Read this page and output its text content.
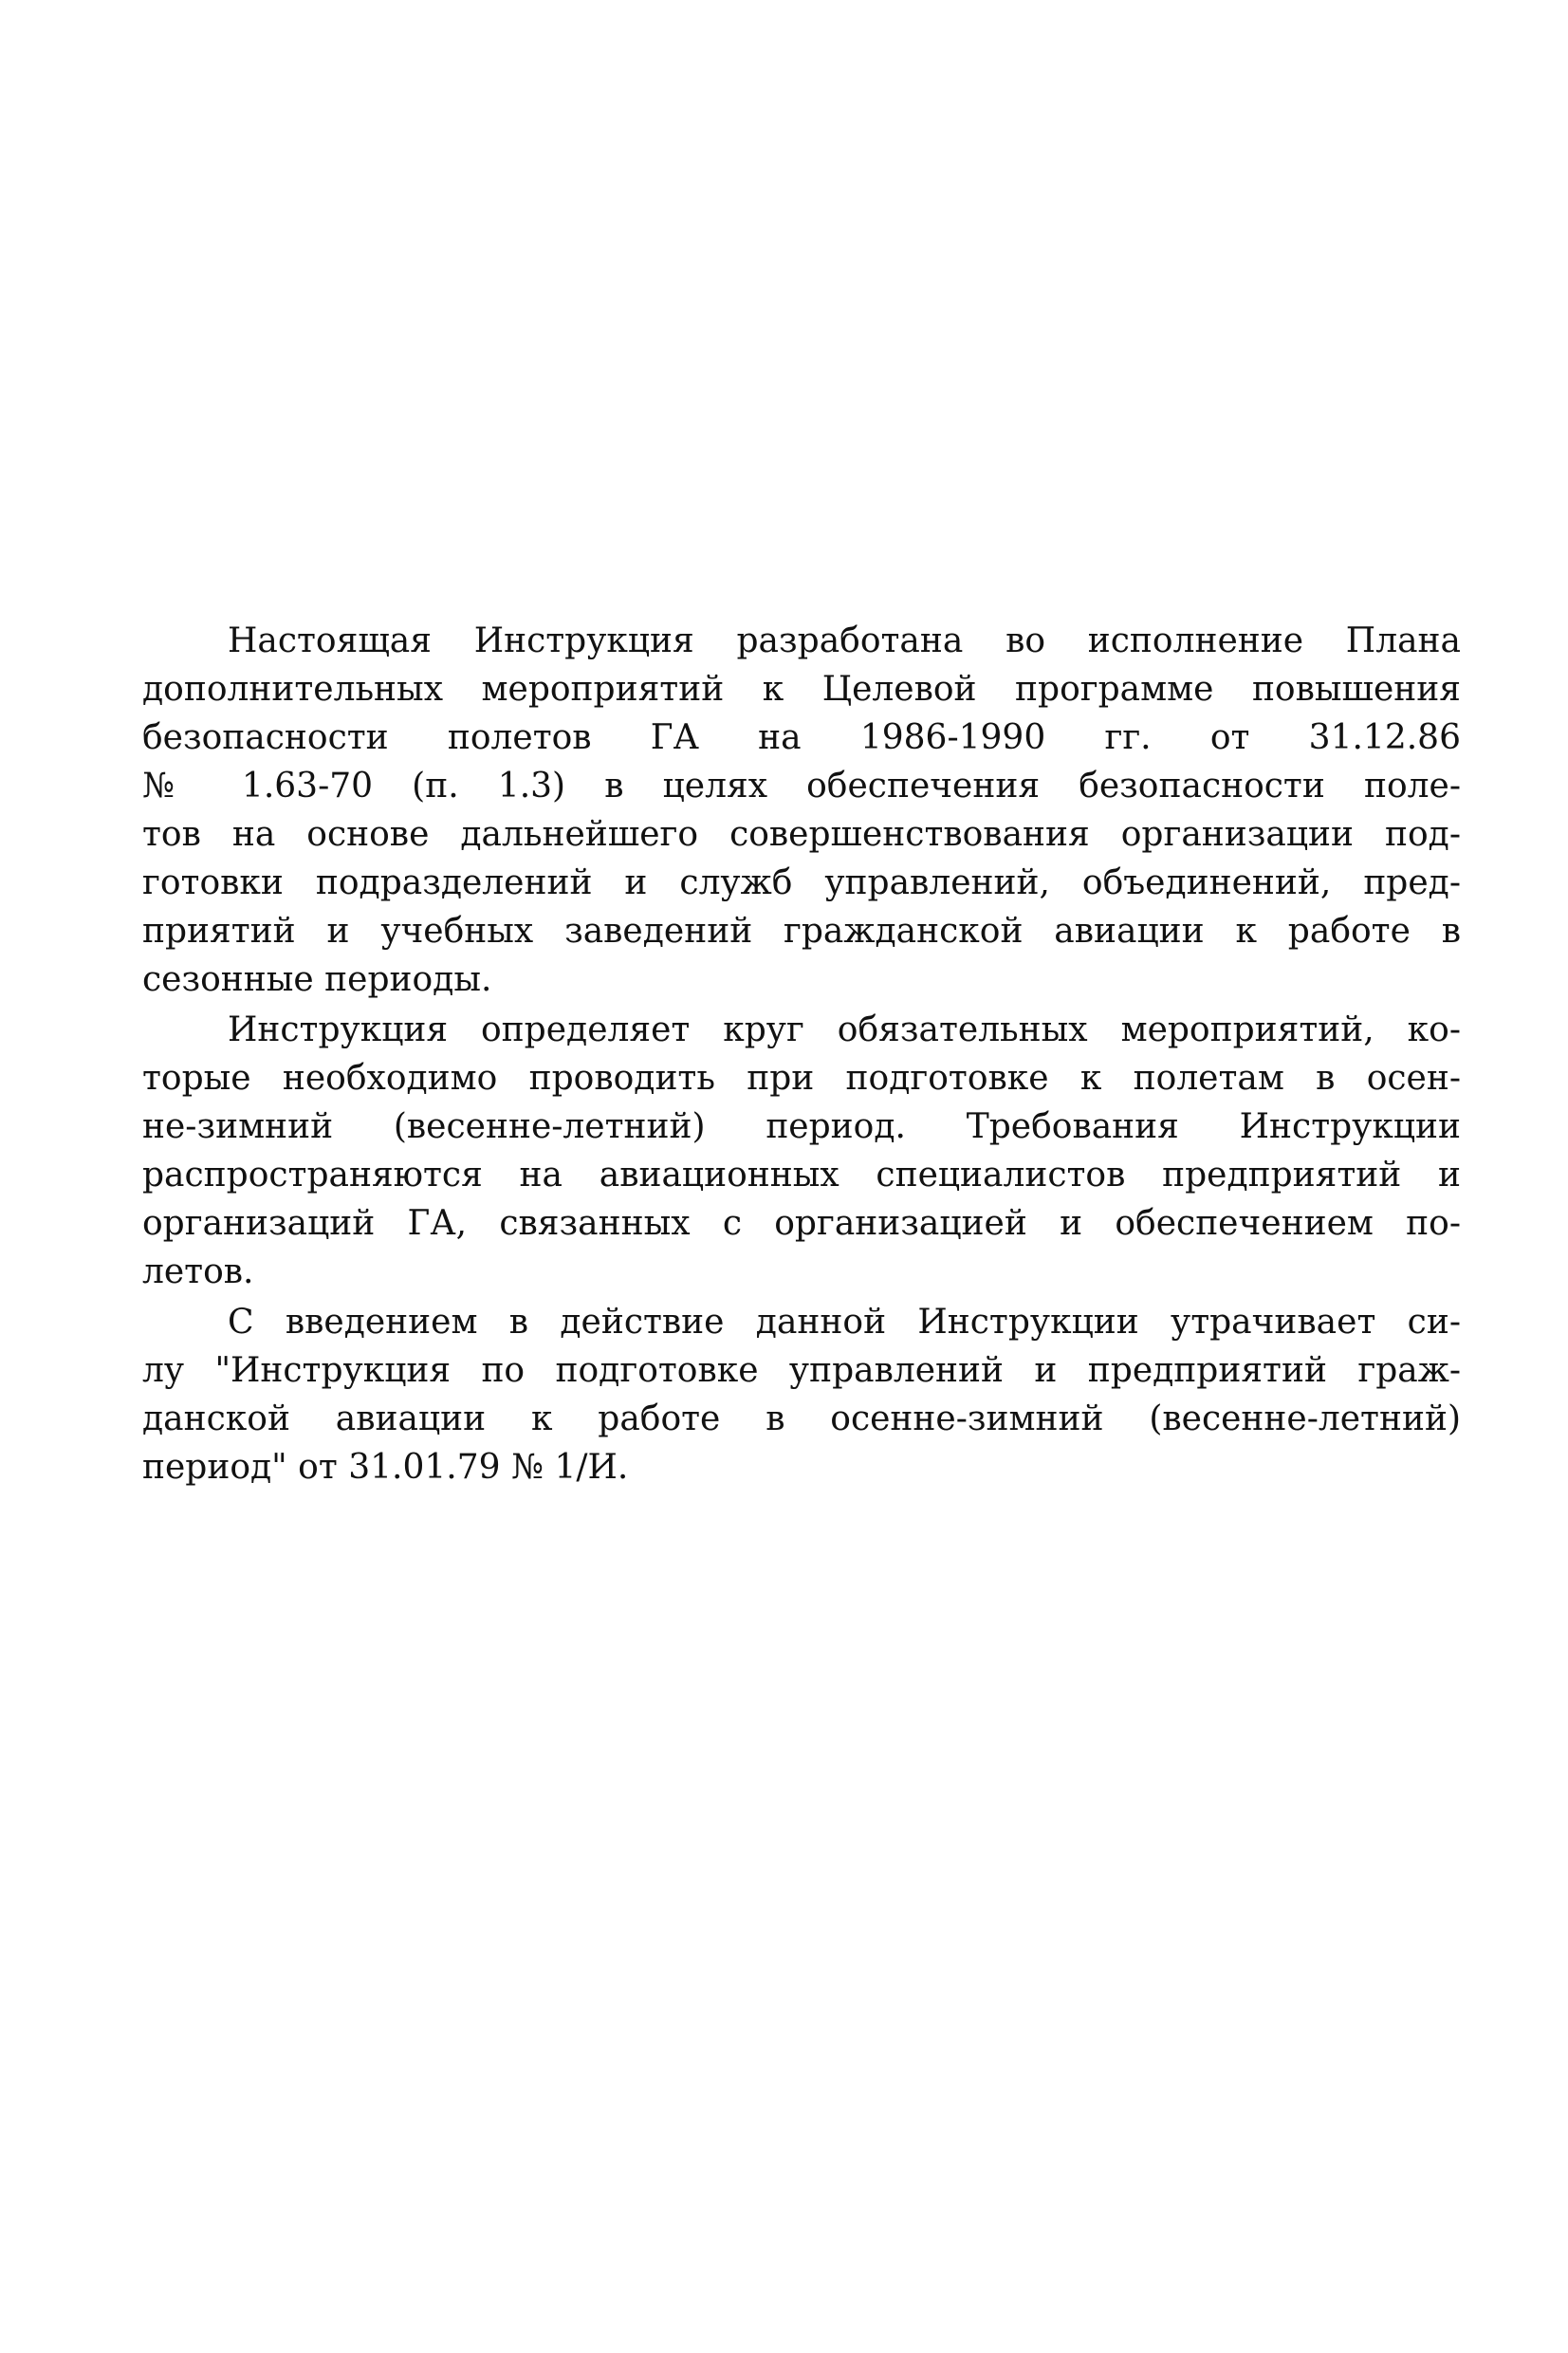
Настоящая Инструкция разработана во исполнение Плана
дополнительных мероприятий к Целевой программе повышения
безопасности полетов ГА на 1986-1990 гг. от 31.12.86
№ 1.63-70 (п. 1.3) в целях обеспечения безопасности поле-
тов на основе дальнейшего совершенствования организации под-
готовки подразделений и служб управлений, объединений, пред-
приятий и учебных заведений гражданской авиации к работе в
сезонные периоды.
Инструкция определяет круг обязательных мероприятий, ко-
торые необходимо проводить при подготовке к полетам в осен-
не-зимний (весенне-летний) период. Требования Инструкции
распространяются на авиационных специалистов предприятий и
организаций ГА, связанных с организацией и обеспечением по-
летов.
С введением в действие данной Инструкции утрачивает си-
лу "Инструкция по подготовке управлений и предприятий граж-
данской авиации к работе в осенне-зимний (весенне-летний)
период" от 31.01.79 № 1/И.
